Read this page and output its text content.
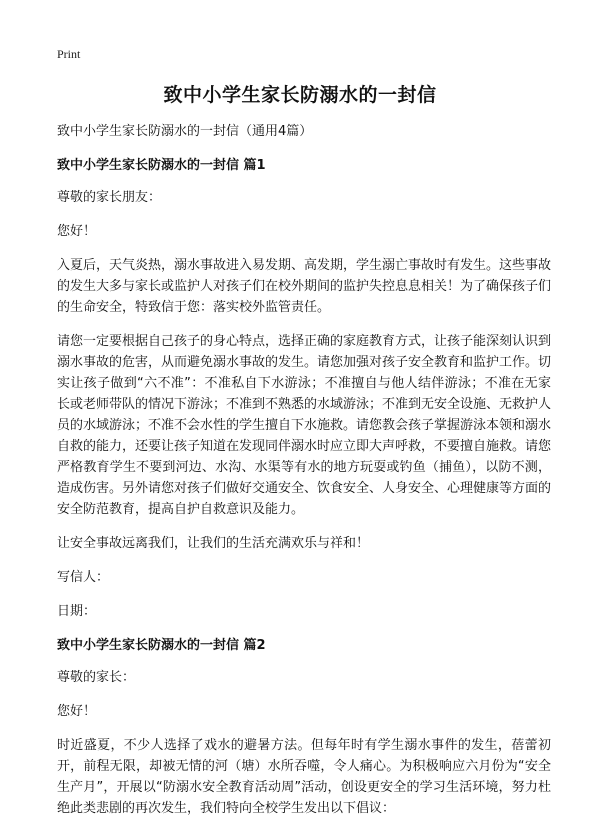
Print
致中小学生家长防溺水的一封信

致中小学生家长防溺水的一封信（通用4篇）

致中小学生家长防溺水的一封信 篇1

尊敬的家长朋友：

您好！

入夏后，天气炎热，溺水事故进入易发期、高发期，学生溺亡事故时有发生。这些事故的发生大多与家长或监护人对孩子们在校外期间的监护失控息息相关！为了确保孩子们的生命安全，特致信于您：落实校外监管责任。

请您一定要根据自己孩子的身心特点，选择正确的家庭教育方式，让孩子能深刻认识到溺水事故的危害，从而避免溺水事故的发生。请您加强对孩子安全教育和监护工作。切实让孩子做到“六不准”：不准私自下水游泳；不准擅自与他人结伴游泳；不准在无家长或老师带队的情况下游泳；不准到不熟悉的水域游泳；不准到无安全设施、无救护人员的水域游泳；不准不会水性的学生擅自下水施救。请您教会孩子掌握游泳本领和溺水自救的能力，还要让孩子知道在发现同伴溺水时应立即大声呼救，不要擅自施救。请您严格教育学生不要到河边、水沟、水渠等有水的地方玩耍或钓鱼（捕鱼），以防不测，造成伤害。另外请您对孩子们做好交通安全、饮食安全、人身安全、心理健康等方面的安全防范教育，提高自护自救意识及能力。

让安全事故远离我们，让我们的生活充满欢乐与祥和！

写信人：

日期：

致中小学生家长防溺水的一封信 篇2

尊敬的家长：

您好！

时近盛夏，不少人选择了戏水的避暑方法。但每年时有学生溺水事件的发生，蓓蕾初开，前程无限，却被无情的河（塘）水所吞噬，令人痛心。为积极响应六月份为“安全生产月”，开展以“防溺水安全教育活动周”活动，创设更安全的学习生活环境，努力杜绝此类悲剧的再次发生，我们特向全校学生发出以下倡议：
